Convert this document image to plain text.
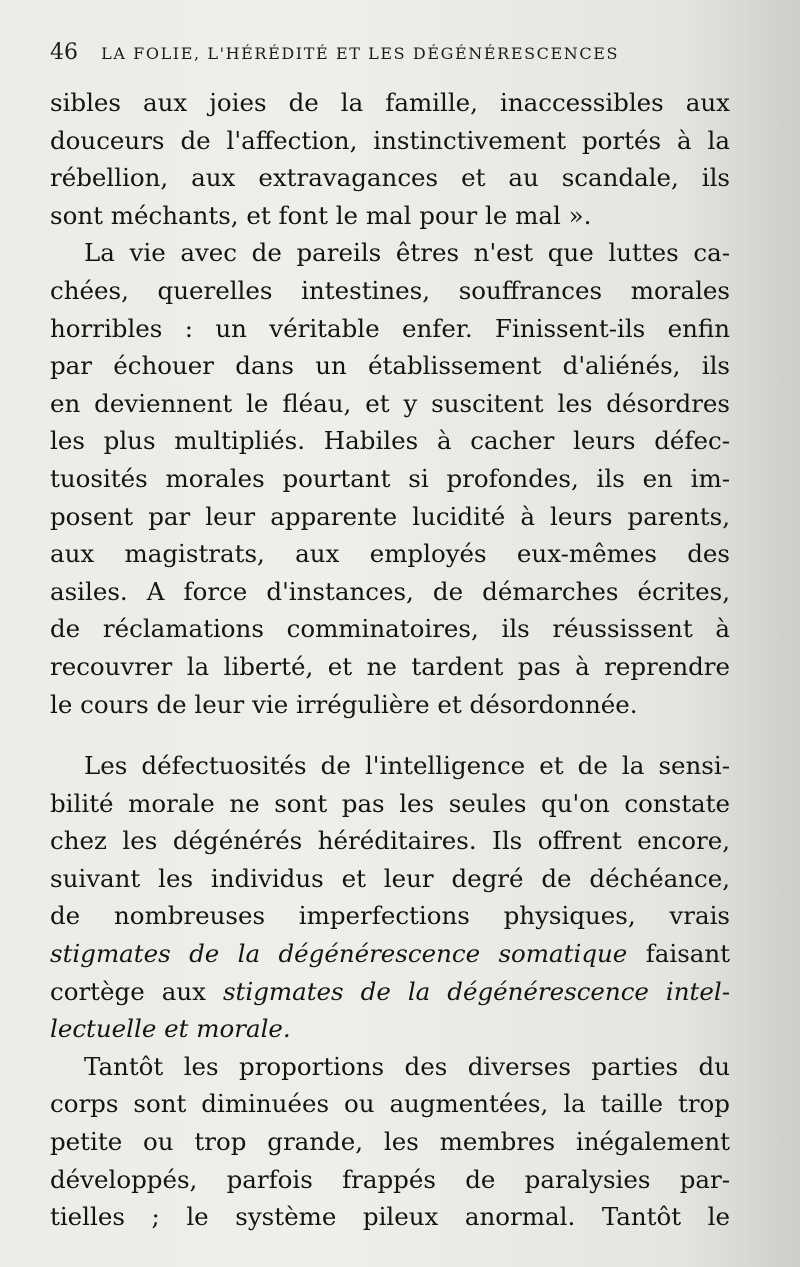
46 LA FOLIE, L'HÉRÉDITÉ ET LES DÉGÉNÉRESCENCES
sibles aux joies de la famille, inaccessibles aux
douceurs de l'affection, instinctivement portés à la
rébellion, aux extravagances et au scandale, ils
sont méchants, et font le mal pour le mal ».
La vie avec de pareils êtres n'est que luttes ca-
chées, querelles intestines, souffrances morales
horribles : un véritable enfer. Finissent-ils enfin
par échouer dans un établissement d'aliénés, ils
en deviennent le fléau, et y suscitent les désordres
les plus multipliés. Habiles à cacher leurs défec-
tuosités morales pourtant si profondes, ils en im-
posent par leur apparente lucidité à leurs parents,
aux magistrats, aux employés eux-mêmes des
asiles. A force d'instances, de démarches écrites,
de réclamations comminatoires, ils réussissent à
recouvrer la liberté, et ne tardent pas à reprendre
le cours de leur vie irrégulière et désordonnée.
Les défectuosités de l'intelligence et de la sensi-
bilité morale ne sont pas les seules qu'on constate
chez les dégénérés héréditaires. Ils offrent encore,
suivant les individus et leur degré de déchéance,
de nombreuses imperfections physiques, vrais
stigmates de la dégénérescence somatique faisant
cortège aux stigmates de la dégénérescence intel-
lectuelle et morale.
Tantôt les proportions des diverses parties du
corps sont diminuées ou augmentées, la taille trop
petite ou trop grande, les membres inégalement
développés, parfois frappés de paralysies par-
tielles ; le système pileux anormal. Tantôt le
